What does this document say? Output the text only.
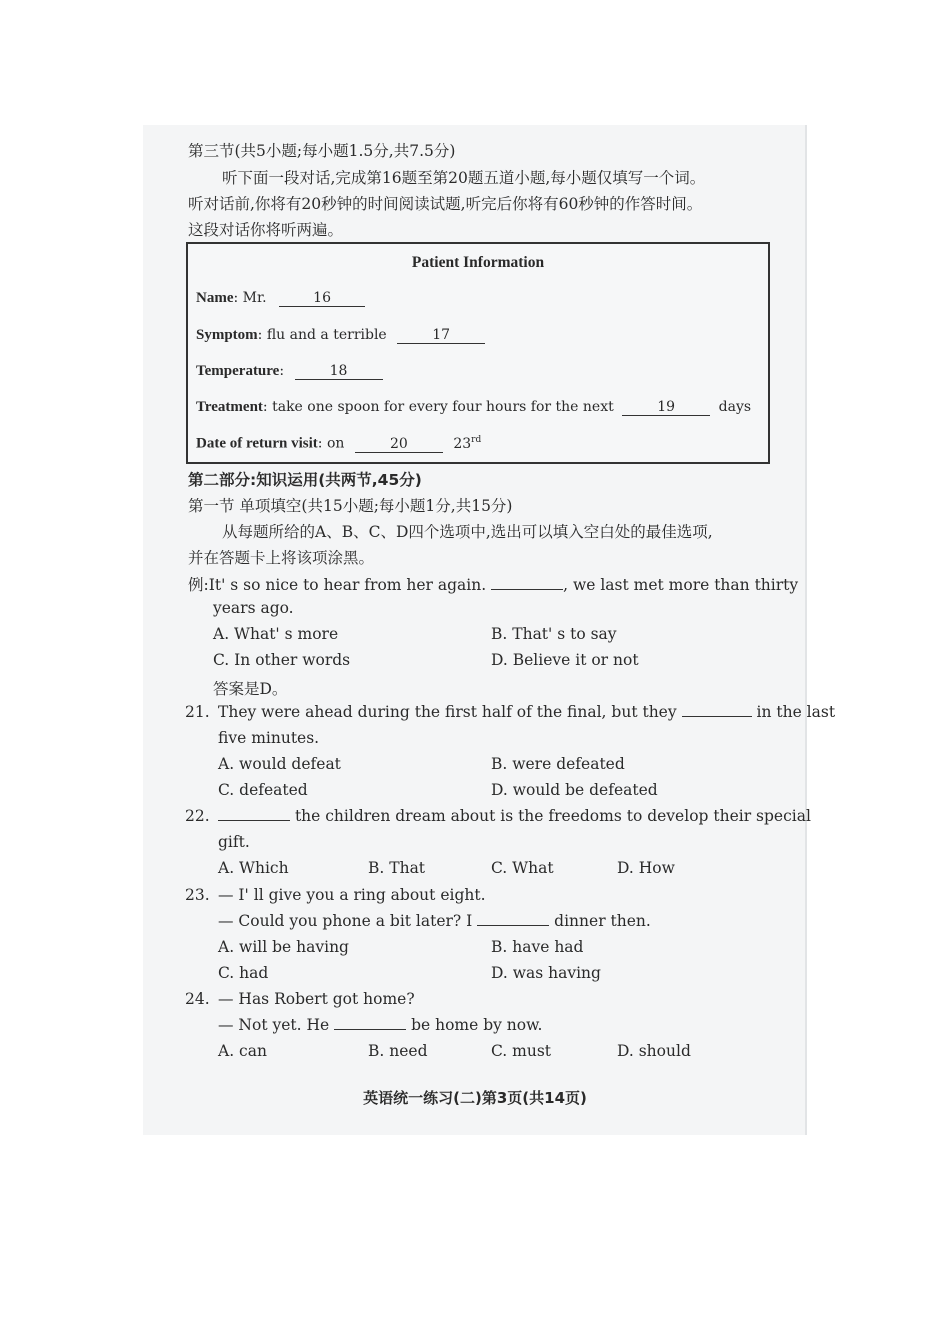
第三节(共5小题;每小题1.5分,共7.5分)
听下面一段对话,完成第16题至第20题五道小题,每小题仅填写一个词。
听对话前,你将有20秒钟的时间阅读试题,听完后你将有60秒钟的作答时间。
这段对话你将听两遍。
Patient Information
Name: Mr.	16
Symptom: flu and a terrible	17
Temperature:	18
Treatment: take one spoon for every four hours for the next	19	days
Date of return visit: on	20	23rd
第二部分:知识运用(共两节,45分)
第一节 单项填空(共15小题;每小题1分,共15分)
从每题所给的A、B、C、D四个选项中,选出可以填入空白处的最佳选项,
并在答题卡上将该项涂黑。
例:It' s so nice to hear from her again.	, we last met more than thirty
years ago.
A. What' s more	B. That' s to say
C. In other words	D. Believe it or not
答案是D。
21. They were ahead during the first half of the final, but they	in the last
five minutes.
A. would defeat	B. were defeated
C. defeated	D. would be defeated
22.	the children dream about is the freedoms to develop their special
gift.
A. Which	B. That	C. What	D. How
23. — I' ll give you a ring about eight.
— Could you phone a bit later? I	dinner then.
A. will be having	B. have had
C. had	D. was having
24. — Has Robert got home?
— Not yet. He	be home by now.
A. can	B. need	C. must	D. should
英语统一练习(二)第3页(共14页)
